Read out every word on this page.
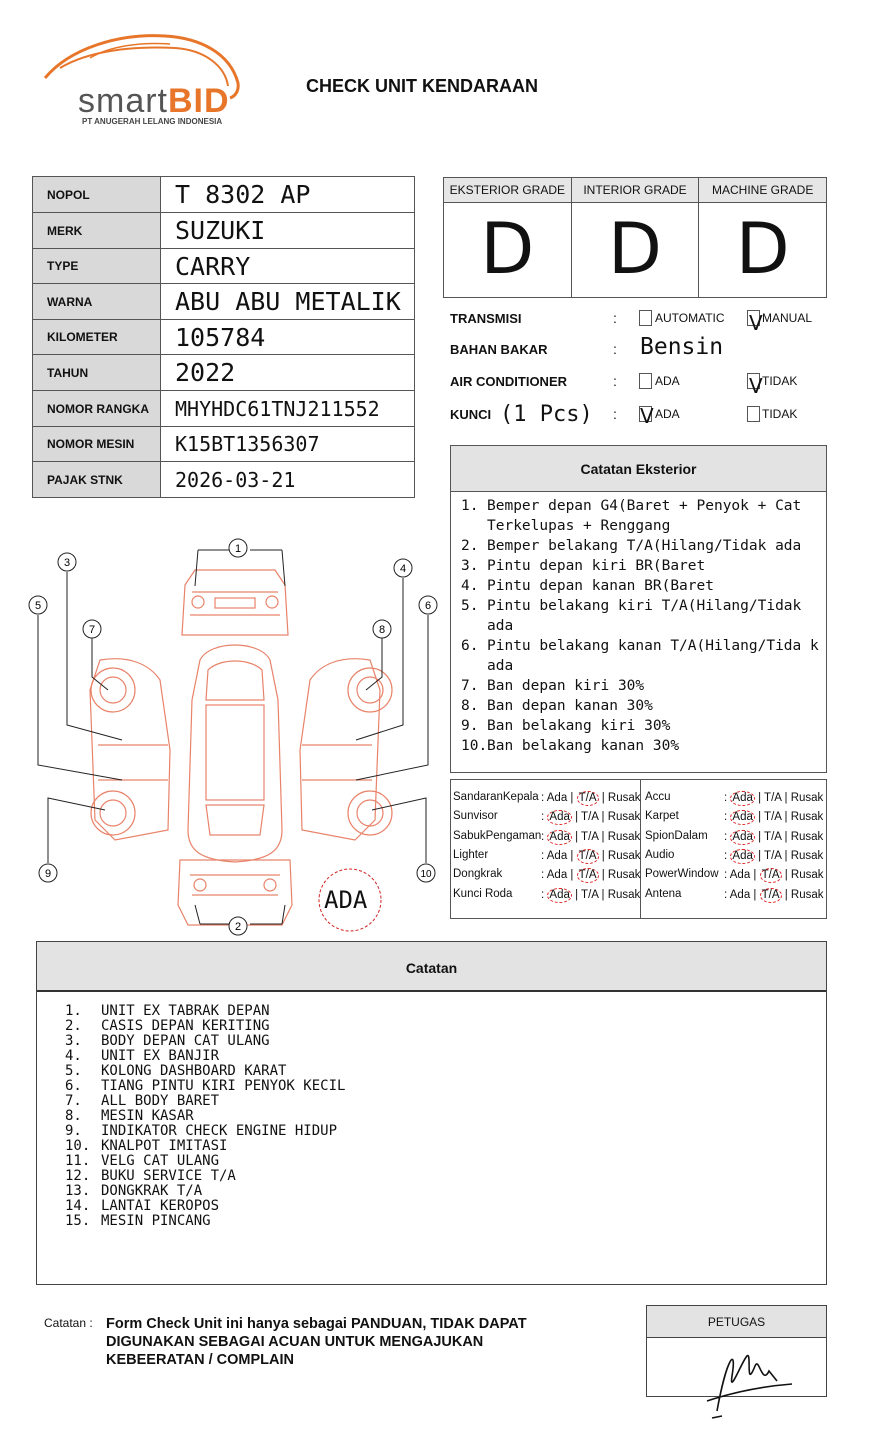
smartBID
PT ANUGERAH LELANG INDONESIA
CHECK UNIT KENDARAAN
NOPOL	T 8302 AP
MERK	SUZUKI
TYPE	CARRY
WARNA	ABU ABU METALIK
KILOMETER	105784
TAHUN	2022
NOMOR RANGKA	MHYHDC61TNJ211552
NOMOR MESIN	K15BT1356307
PAJAK STNK	2026-03-21
EKSTERIOR GRADE
D
INTERIOR GRADE
D
MACHINE GRADE
D
TRANSMISI	:	AUTOMATIC V MANUAL
BAHAN BAKAR	: Bensin
AIR CONDITIONER	:	ADA	V TIDAK
KUNCI (1 Pcs) : V ADA	TIDAK
Catatan Eksterior
1. Bemper depan G4(Baret + Penyok + Cat Terkelupas + Renggang
2. Bemper belakang T/A(Hilang/Tidak ada
3. Pintu depan kiri BR(Baret
4. Pintu depan kanan BR(Baret
5. Pintu belakang kiri T/A(Hilang/Tidak ada
6. Pintu belakang kanan T/A(Hilang/Tida k ada
7. Ban depan kiri 30%
8. Ban depan kanan 30%
9. Ban belakang kiri 30%
10. Ban belakang kanan 30%
SandaranKepala : Ada | T/A | Rusak
Sunvisor	: Ada | T/A | Rusak
SabukPengaman : Ada | T/A | Rusak
Lighter	: Ada | T/A | Rusak
Dongkrak	: Ada | T/A | Rusak
Kunci Roda : Ada | T/A | Rusak
Accu	: Ada | T/A | Rusak
Karpet	: Ada | T/A | Rusak
SpionDalam : Ada | T/A | Rusak
Audio	: Ada | T/A | Rusak
PowerWindow : Ada | T/A | Rusak
Antena	: Ada | T/A | Rusak
1
2
3	4
5	6
7	8
9	10
ADA
Catatan
1.	UNIT EX TABRAK DEPAN
2.	CASIS DEPAN KERITING
3.	BODY DEPAN CAT ULANG
4.	UNIT EX BANJIR
5.	KOLONG DASHBOARD KARAT
6.	TIANG PINTU KIRI PENYOK KECIL
7.	ALL BODY BARET
8.	MESIN KASAR
9.	INDIKATOR CHECK ENGINE HIDUP
10. KNALPOT IMITASI
11. VELG CAT ULANG
12. BUKU SERVICE T/A
13. DONGKRAK T/A
14. LANTAI KEROPOS
15. MESIN PINCANG
Catatan : Form Check Unit ini hanya sebagai PANDUAN, TIDAK DAPAT DIGUNAKAN SEBAGAI ACUAN UNTUK MENGAJUKAN KEBEERATAN / COMPLAIN
PETUGAS
